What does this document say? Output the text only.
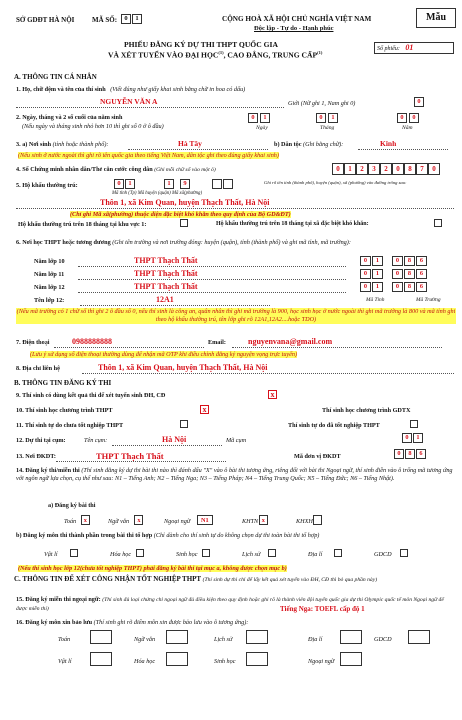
SỞ GDĐT HÀ NỘI	MÃ SỐ:	0	1	CỘNG HOÀ XÃ HỘI CHỦ NGHĨA VIỆT NAM
Độc lập - Tự do - Hạnh phúc
Mẫu
PHIẾU ĐĂNG KÝ DỰ THI THPT QUỐC GIA
VÀ XÉT TUYỂN VÀO ĐẠI HỌC$^{(1)}$, CAO ĐẲNG, TRUNG CẤP$^{(1)}$
Số phiếu: 01
A. THÔNG TIN CÁ NHÂN
1. Họ, chữ đệm và tên của thí sinh (Viết đúng như giấy khai sinh bằng chữ in hoa có dấu)
NGUYỄN VĂN A	Giới (Nữ ghi 1, Nam ghi 0)	0
2. Ngày, tháng và 2 số cuối của năm sinh
(Nếu ngày và tháng sinh nhỏ hơn 10 thì ghi số 0 ở ô đầu)
0	1	0	1	0	0
Ngày	Tháng	Năm
3. a) Nơi sinh (tỉnh hoặc thành phố):	Hà Tây	b) Dân tộc (Ghi bằng chữ):	Kinh
(Nếu sinh ở nước ngoài thì ghi rõ tên quốc gia theo tiếng Việt Nam, dân tộc ghi theo đúng giấy khai sinh)
4. Số Chứng minh nhân dân/Thẻ căn cước công dân (Ghi mỗi chữ số vào một ô)	0	1	2	3	2	0	8	7	0
5. Hộ khẩu thường trú:	0	1	1	9	Ghi rõ tên tỉnh (thành phố), huyện (quận), xã (phường) vào đường trống sau:
Mã tỉnh (Tp) Mã huyện (quận) Mã xã(phường)
Thôn 1, xã Kim Quan, huyện Thạch Thất, Hà Nội
(Chỉ ghi Mã xã(phường) thuộc diện đặc biệt khó khăn theo quy định của Bộ GD&ĐT)
Hộ khẩu thường trú trên 18 tháng tại khu vực 1:	Hộ khẩu thường trú trên 18 tháng tại xã đặc biệt khó khăn:
6. Nơi học THPT hoặc tương đương (Ghi tên trường và nơi trường đóng: huyện (quận), tỉnh (thành phố) và ghi mã tỉnh, mã trường):
Năm lớp 10	THPT Thạch Thất	0	1	0	8	6
Năm lớp 11	THPT Thạch Thất	0	1	0	8	6
Năm lớp 12	THPT Thạch Thất	0	1	0	8	6
Tên lớp 12:	12A1	Mã Tỉnh	Mã Trường
(Nếu mã trường có 1 chữ số thì ghi 2 ô đầu số 0, nếu thí sinh là công an, quân nhân thì ghi mã trường là 900, học sinh học ở nước ngoài thì ghi mã trường là 800 và mã tỉnh ghi theo hộ khẩu thường trú, tên lớp ghi rõ 12A1,12A2....hoặc TDO)
7. Điện thoại	0988888888	Email:	nguyenvana@gmail.com
(Lưu ý sử dụng số điện thoại thường dùng để nhận mã OTP khi điều chỉnh đăng ký nguyện vọng trực tuyến)
8. Địa chỉ liên hệ	Thôn 1, xã Kim Quan, huyện Thạch Thất, Hà Nội
B. THÔNG TIN ĐĂNG KÝ THI
9. Thí sinh có dùng kết quả thi để xét tuyển sinh ĐH, CĐ	x
10. Thí sinh học chương trình THPT	x	Thí sinh học chương trình GDTX
11. Thí sinh tự do chưa tốt nghiệp THPT	Thí sinh tự do đã tốt nghiệp THPT
12. Dự thi tại cụm:	Tên cụm:	Hà Nội	Mã cụm	0	1
13. Nơi ĐKDT:	THPT Thạch Thất	Mã đơn vị ĐKDT	0	8	6
14. Đăng ký thi/miễn thi (Thí sinh đăng ký dự thi bài thi nào thì đánh dấu "X" vào ô bài thi tương ứng, riêng đối với bài thi Ngoại ngữ, thí sinh điền vào ô trống mã tương ứng với ngôn ngữ lựa chọn, cụ thể như sau: N1 – Tiếng Anh; N2 – Tiếng Nga; N3 – Tiếng Pháp; N4 – Tiếng Trung Quốc; N5 – Tiếng Đức; N6 – Tiếng Nhật).
a) Đăng ký bài thi
Toán	x	Ngữ văn	x	Ngoại ngữ	N1	KHTN x	KHXH
b) Đăng ký môn thi thành phần trong bài thi tổ hợp (Chỉ dành cho thí sinh tự do không chọn dự thi toàn bài thi tổ hợp)
Vật lí	Hóa học	Sinh học	Lịch sử	Địa lí	GDCD
(Nếu thí sinh học lớp 12(chưa tốt nghiệp THPT) phải đăng ký bài thi tại mục a, không được chọn mục b)
C. THÔNG TIN ĐỂ XÉT CÔNG NHẬN TỐT NGHIỆP THPT (Thí sinh dự thi chỉ để lấy kết quả xét tuyển vào ĐH, CĐ thì bỏ qua phần này)
15. Đăng ký miễn thi ngoại ngữ: (Thí sinh đủ loại chứng chỉ ngoại ngữ đủ điều kiện theo quy định hoặc ghi rõ là thành viên đội tuyển quốc gia dự thi Olympic quốc tế môn Ngoại ngữ để được miễn thi)	Tiếng Nga: TOEFL cấp độ 1
16. Đăng ký môn xin bảo lưu (Thí sinh ghi rõ điểm môn xin được bảo lưu vào ô tương ứng):
Toán	Ngữ văn	Lịch sử	Địa lí	GDCD
Vật lí	Hóa học	Sinh học	Ngoại ngữ
